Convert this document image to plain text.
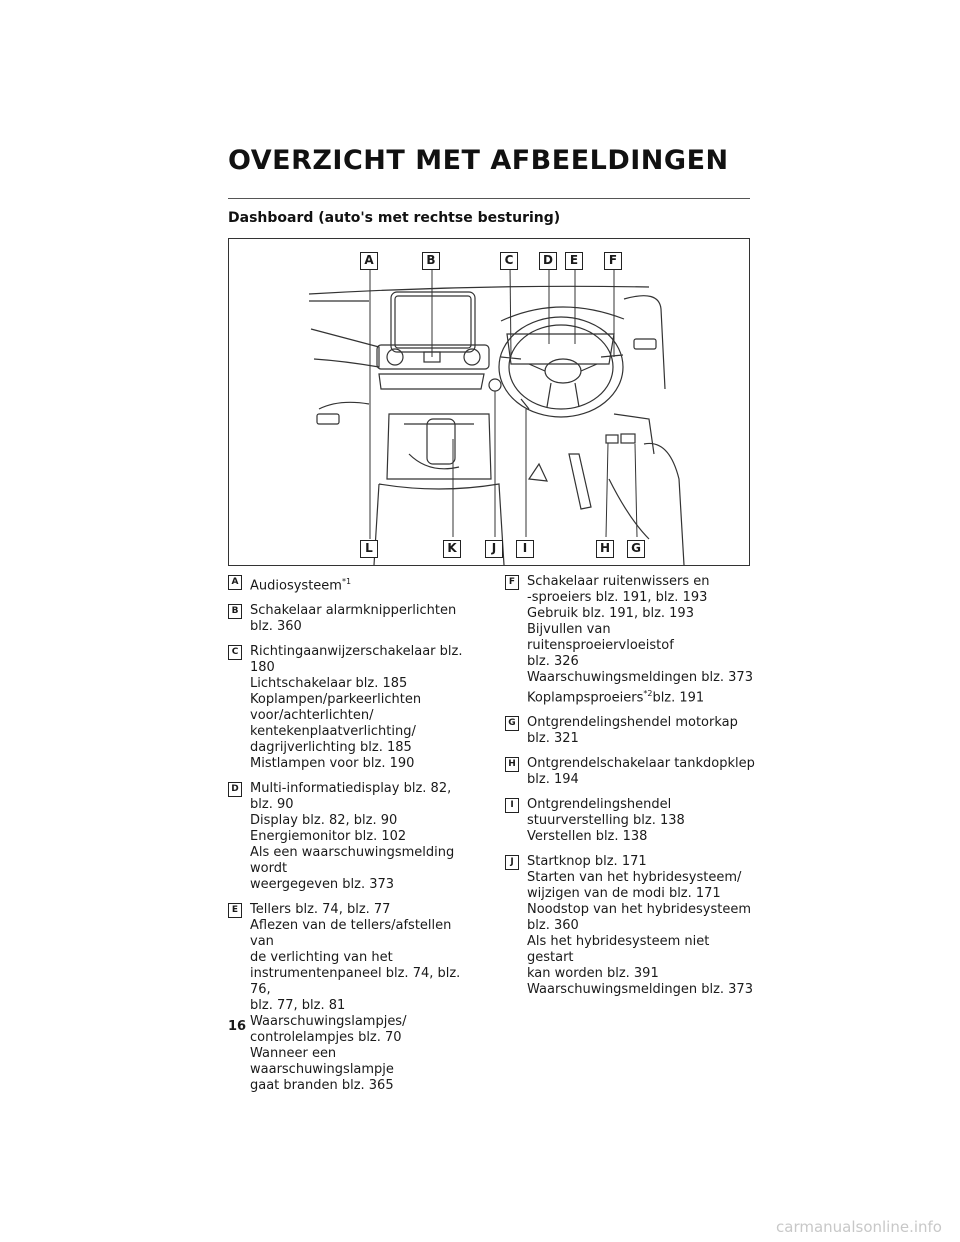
OVERZICHT MET AFBEELDINGEN
Dashboard (auto's met rechtse besturing)
A	B	C	D	E	F
L	K	J	I	H	G
A Audiosysteem$^{*1}$
B Schakelaar alarmknipperlichten
blz. 360
C Richtingaanwijzerschakelaar blz. 180
Lichtschakelaar blz. 185
Koplampen/parkeerlichten
voor/achterlichten/
kentekenplaatverlichting/
dagrijverlichting blz. 185
Mistlampen voor blz. 190
D Multi-informatiedisplay blz. 82,
blz. 90
Display blz. 82, blz. 90
Energiemonitor blz. 102
Als een waarschuwingsmelding wordt
weergegeven blz. 373
E Tellers blz. 74, blz. 77
Aflezen van de tellers/afstellen van
de verlichting van het
instrumentenpaneel blz. 74, blz. 76,
blz. 77, blz. 81
Waarschuwingslampjes/
controlelampjes blz. 70
Wanneer een waarschuwingslampje
gaat branden blz. 365
F Schakelaar ruitenwissers en
-sproeiers blz. 191, blz. 193
Gebruik blz. 191, blz. 193
Bijvullen van ruitensproeiervloeistof
blz. 326
Waarschuwingsmeldingen blz. 373
Koplampsproeiers$^{*2}$blz. 191
G Ontgrendelingshendel motorkap
blz. 321
H Ontgrendelschakelaar tankdopklep
blz. 194
I	Ontgrendelingshendel
stuurverstelling blz. 138
Verstellen blz. 138
J	Startknop blz. 171
Starten van het hybridesysteem/
wijzigen van de modi blz. 171
Noodstop van het hybridesysteem
blz. 360
Als het hybridesysteem niet gestart
kan worden blz. 391
Waarschuwingsmeldingen blz. 373
16
carmanualsonline.info
